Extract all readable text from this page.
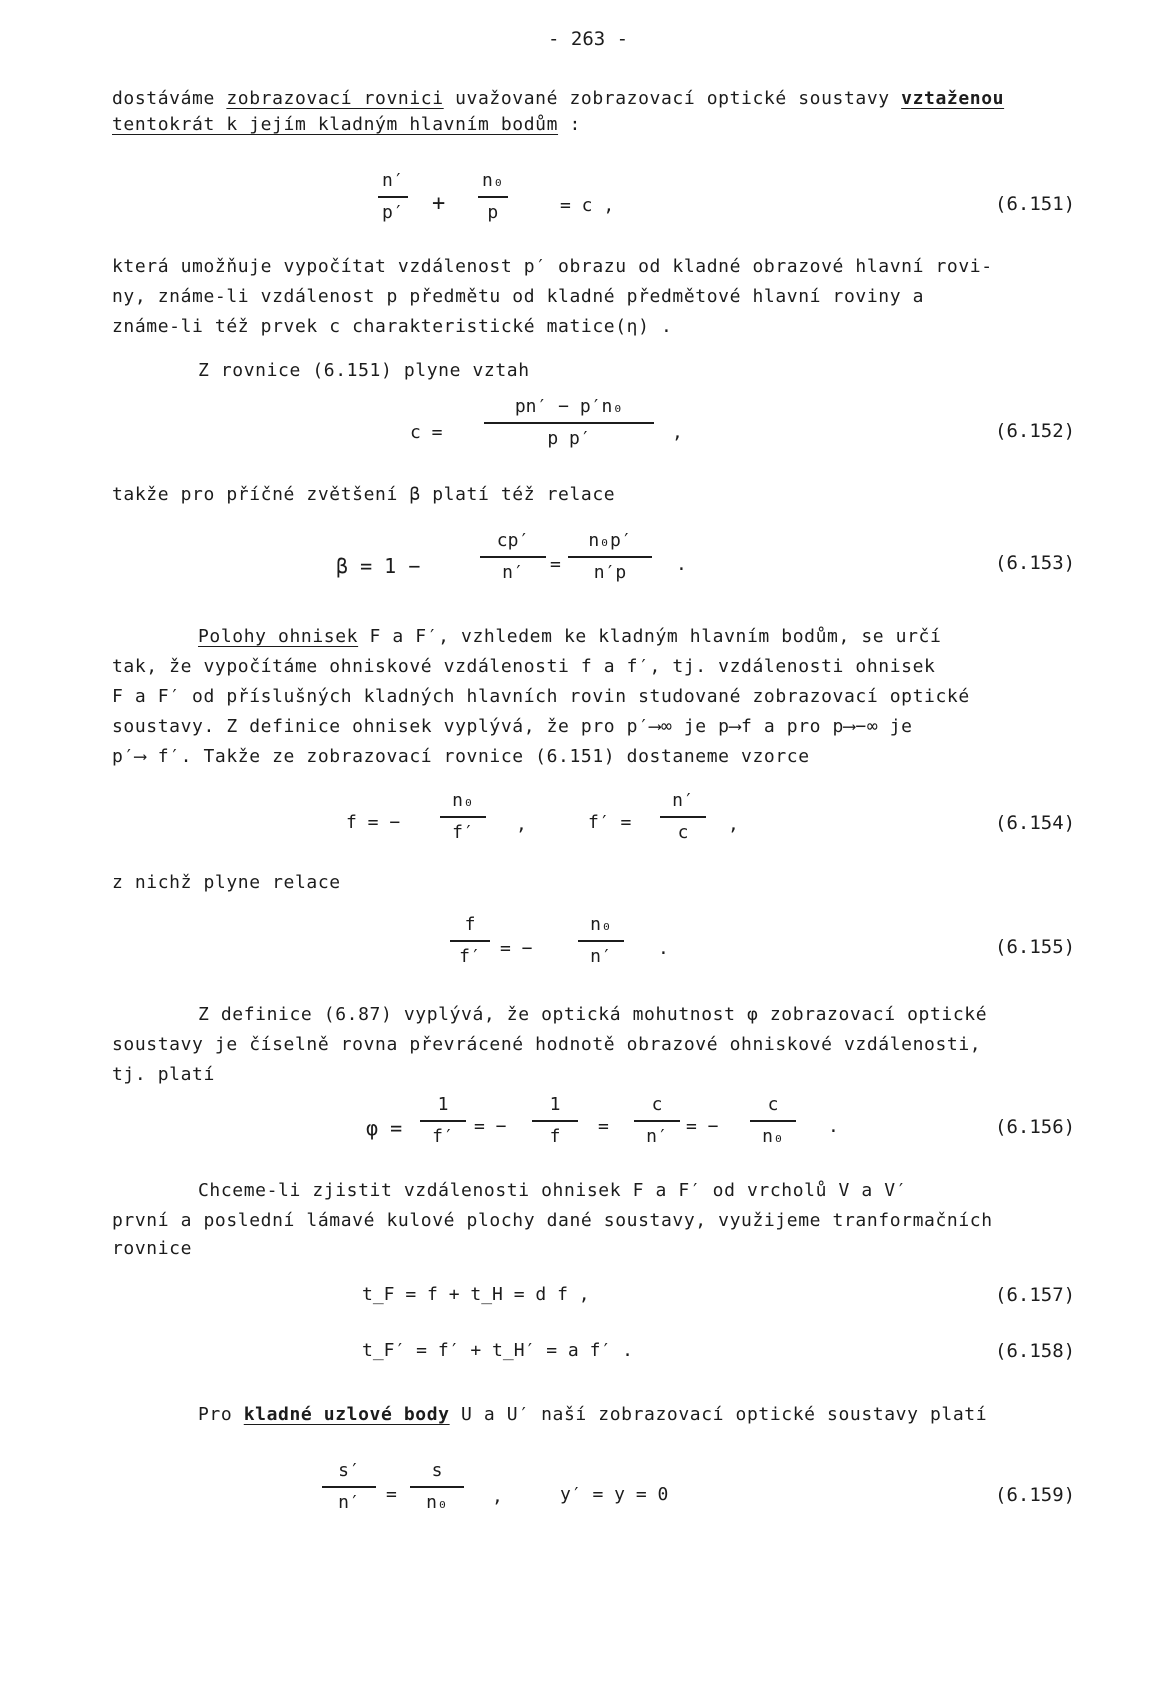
- 263 -
dostáváme zobrazovací rovnici uvažované zobrazovací optické soustavy vztaženou
tentokrát k jejím kladným hlavním bodům :
n′
p′ +
n₀
p	= c ,	(6.151)
která umožňuje vypočítat vzdálenost p′ obrazu od kladné obrazové hlavní rovi-
ny, známe-li vzdálenost p předmětu od kladné předmětové hlavní roviny a
známe-li též prvek c charakteristické matice(η) .
Z rovnice (6.151) plyne vztah
c =
pn′ − p′n₀
p p′	,	(6.152)
takže pro příčné zvětšení β platí též relace
β = 1 −
cp′
n′ =
n₀p′
n′p	.	(6.153)
Polohy ohnisek F a F′, vzhledem ke kladným hlavním bodům, se určí
tak, že vypočítáme ohniskové vzdálenosti f a f′, tj. vzdálenosti ohnisek
F a F′ od příslušných kladných hlavních rovin studované zobrazovací optické
soustavy. Z definice ohnisek vyplývá, že pro p′⟶∞ je p⟶f a pro p⟶−∞ je
p′⟶ f′. Takže ze zobrazovací rovnice (6.151) dostaneme vzorce
f = −
n₀
f′ ,	f′ =
n′
c ,	(6.154)
z nichž plyne relace
f
f′ = −
n₀
n′	.	(6.155)
Z definice (6.87) vyplývá, že optická mohutnost φ zobrazovací optické
soustavy je číselně rovna převrácené hodnotě obrazové ohniskové vzdálenosti,
tj. platí
φ =
1
f′ = −
1
f =
c
n′ = −
c
n₀ .	(6.156)
Chceme-li zjistit vzdálenosti ohnisek F a F′ od vrcholů V a V′
první a poslední lámavé kulové plochy dané soustavy, využijeme tranformačních
rovnice
t_F = f + t_H = d f ,	(6.157)
t_F′ = f′ + t_H′ = a f′ .	(6.158)
Pro kladné uzlové body U a U′ naší zobrazovací optické soustavy platí
s′
n′ =
s
n₀ ,	y′ = y = 0	(6.159)
